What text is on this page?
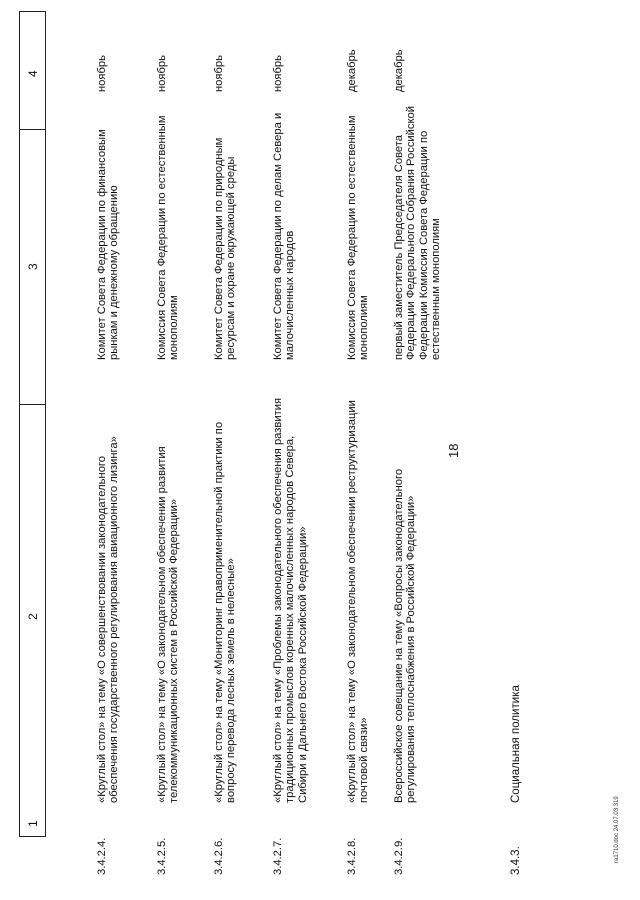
18
1
2
3
4
3.4.2.4.
«Круглый стол» на тему «О совершенствовании законодательного обеспечения государственного регулирования авиационного лизинга»
Комитет Совета Федерации по финансовым рынкам и денежному обращению
ноябрь
3.4.2.5.
«Круглый стол» на тему «О законодательном обеспечении развития телекоммуникационных систем в Российской Федерации»
Комиссия Совета Федерации по естественным монополиям
ноябрь
3.4.2.6.
«Круглый стол» на тему «Мониторинг правоприменительной практики по вопросу перевода лесных земель в нелесные»
Комитет Совета Федерации по природным ресурсам и охране окружающей среды
ноябрь
3.4.2.7.
«Круглый стол» на тему «Проблемы законодательного обеспечения развития традиционных промыслов коренных малочисленных народов Севера, Сибири и Дальнего Востока Российской Федерации»
Комитет Совета Федерации по делам Севера и малочисленных народов
ноябрь
3.4.2.8.
«Круглый стол» на тему «О законодательном обеспечении реструктуризации почтовой связи»
Комиссия Совета Федерации по естественным монополиям
декабрь
3.4.2.9.
Всероссийское совещание на тему «Вопросы законодательного регулирования теплоснабжения в Российской Федерации»
первый заместитель Председателя Совета Федерации Федерального Собрания Российской Федерации Комиссия Совета Федерации по естественным монополиям
декабрь
3.4.3.
Социальная политика
ra1710.doc 24.07.03 319
